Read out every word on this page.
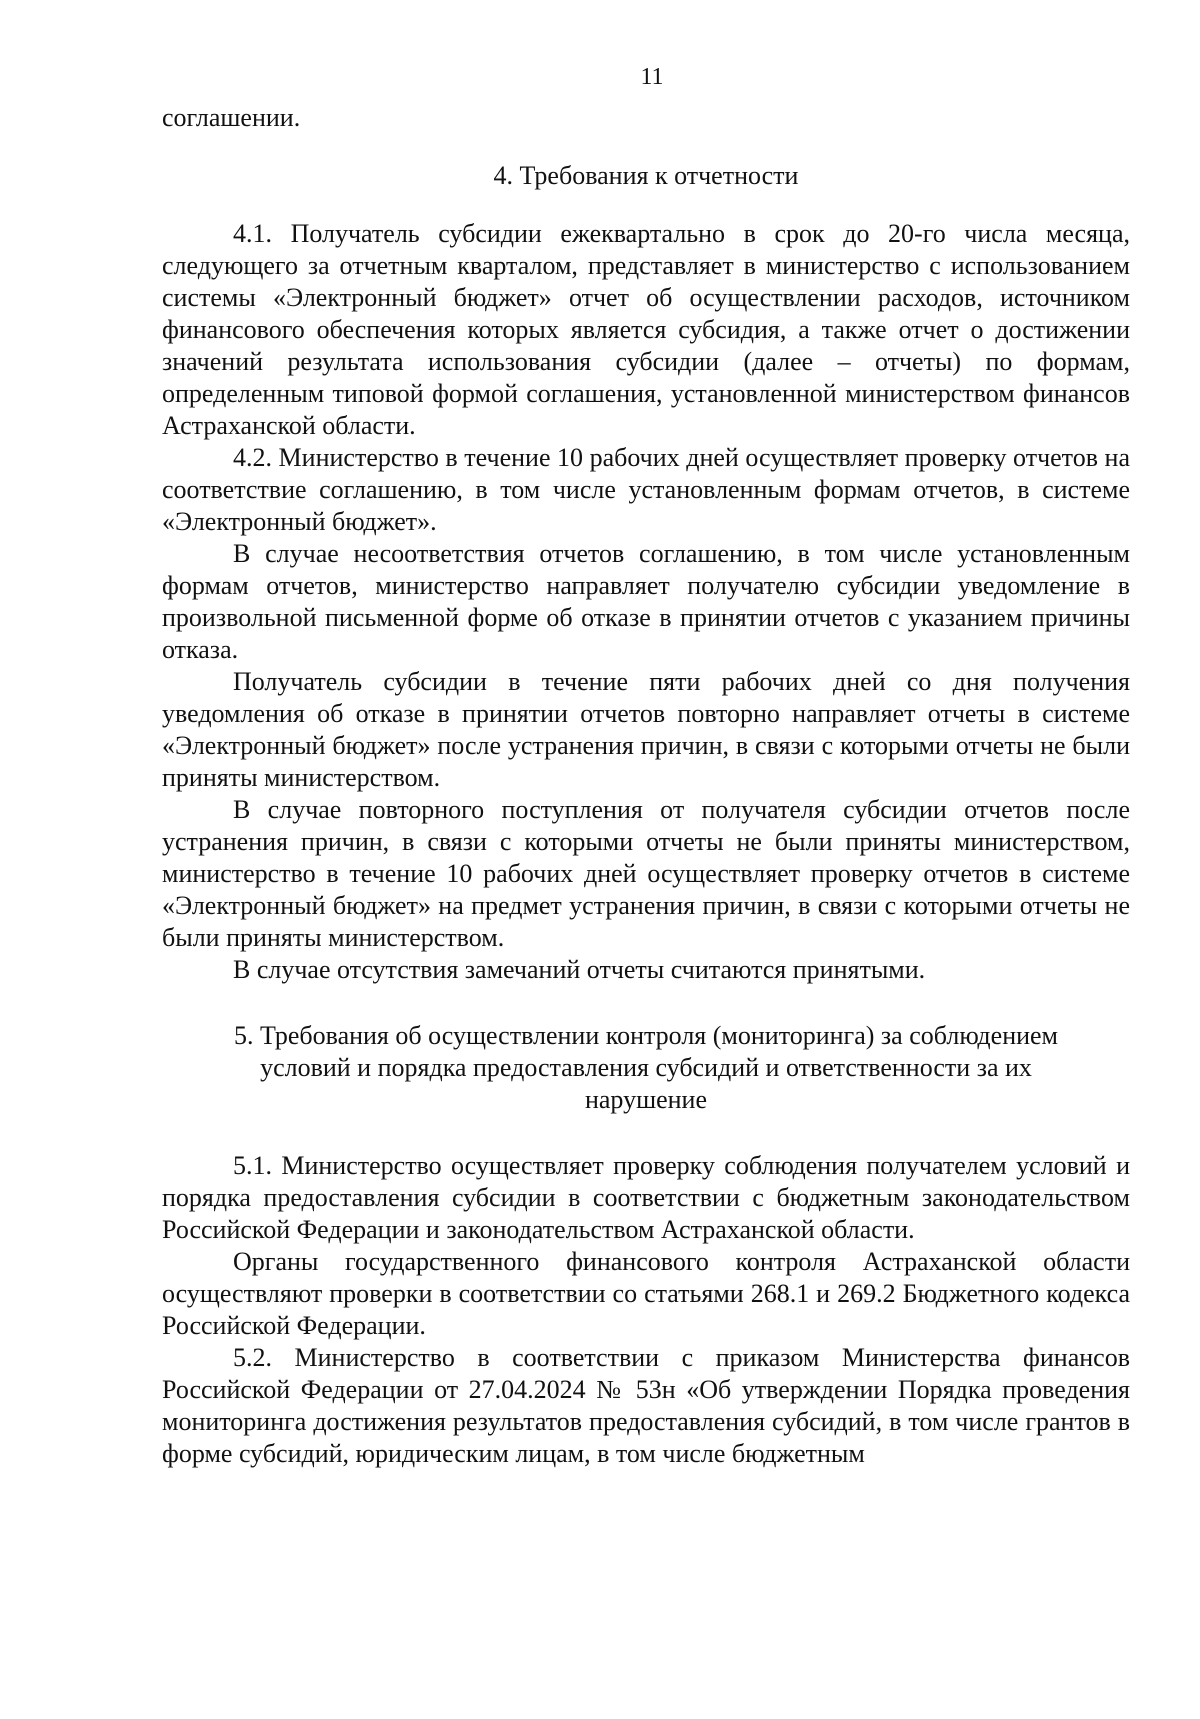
11

соглашении.

4. Требования к отчетности

4.1. Получатель субсидии ежеквартально в срок до 20-го числа месяца, следующего за отчетным кварталом, представляет в министерство с использованием системы «Электронный бюджет» отчет об осуществлении расходов, источником финансового обеспечения которых является субсидия, а также отчет о достижении значений результата использования субсидии (далее – отчеты) по формам, определенным типовой формой соглашения, установленной министерством финансов Астраханской области.

4.2. Министерство в течение 10 рабочих дней осуществляет проверку отчетов на соответствие соглашению, в том числе установленным формам отчетов, в системе «Электронный бюджет».

В случае несоответствия отчетов соглашению, в том числе установленным формам отчетов, министерство направляет получателю субсидии уведомление в произвольной письменной форме об отказе в принятии отчетов с указанием причины отказа.

Получатель субсидии в течение пяти рабочих дней со дня получения уведомления об отказе в принятии отчетов повторно направляет отчеты в системе «Электронный бюджет» после устранения причин, в связи с которыми отчеты не были приняты министерством.

В случае повторного поступления от получателя субсидии отчетов после устранения причин, в связи с которыми отчеты не были приняты министерством, министерство в течение 10 рабочих дней осуществляет проверку отчетов в системе «Электронный бюджет» на предмет устранения причин, в связи с которыми отчеты не были приняты министерством.

В случае отсутствия замечаний отчеты считаются принятыми.

5. Требования об осуществлении контроля (мониторинга) за соблюдением

условий и порядка предоставления субсидий и ответственности за их

нарушение

5.1. Министерство осуществляет проверку соблюдения получателем условий и порядка предоставления субсидии в соответствии с бюджетным законодательством Российской Федерации и законодательством Астраханской области.

Органы государственного финансового контроля Астраханской области осуществляют проверки в соответствии со статьями 268.1 и 269.2 Бюджетного кодекса Российской Федерации.

5.2. Министерство в соответствии с приказом Министерства финансов Российской Федерации от 27.04.2024 № 53н «Об утверждении Порядка проведения мониторинга достижения результатов предоставления субсидий, в том числе грантов в форме субсидий, юридическим лицам, в том числе бюджетным
